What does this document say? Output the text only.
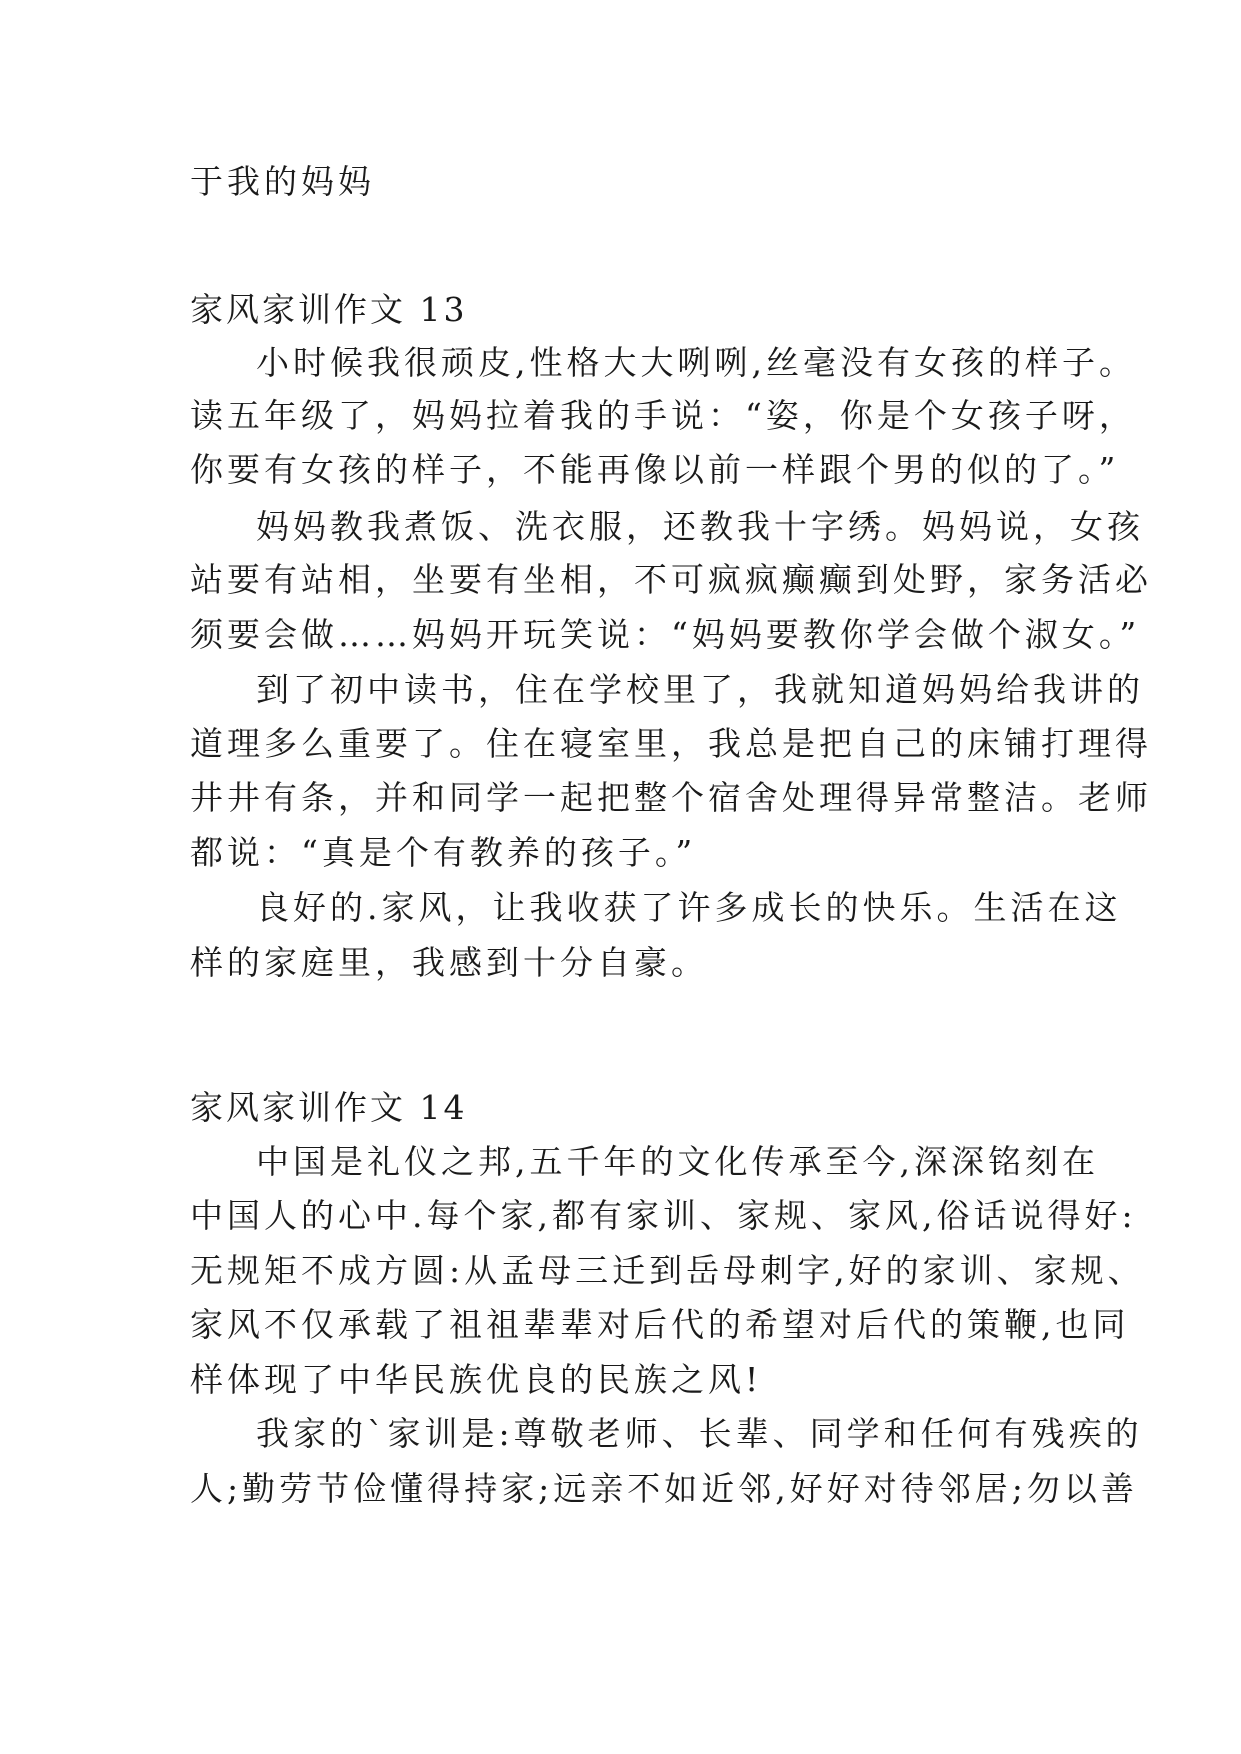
于我的妈妈
家风家训作文 13
小时候我很顽皮,性格大大咧咧,丝毫没有女孩的样子。
读五年级了，妈妈拉着我的手说：“姿，你是个女孩子呀，
你要有女孩的样子，不能再像以前一样跟个男的似的了。”
妈妈教我煮饭、洗衣服，还教我十字绣。妈妈说，女孩
站要有站相，坐要有坐相，不可疯疯癫癫到处野，家务活必
须要会做……妈妈开玩笑说：“妈妈要教你学会做个淑女。”
到了初中读书，住在学校里了，我就知道妈妈给我讲的
道理多么重要了。住在寝室里，我总是把自己的床铺打理得
井井有条，并和同学一起把整个宿舍处理得异常整洁。老师
都说：“真是个有教养的孩子。”
良好的.家风，让我收获了许多成长的快乐。生活在这
样的家庭里，我感到十分自豪。
家风家训作文 14
中国是礼仪之邦,五千年的文化传承至今,深深铭刻在
中国人的心中.每个家,都有家训、家规、家风,俗话说得好:
无规矩不成方圆:从孟母三迁到岳母刺字,好的家训、家规、
家风不仅承载了祖祖辈辈对后代的希望对后代的策鞭,也同
样体现了中华民族优良的民族之风!
我家的`家训是:尊敬老师、长辈、同学和任何有残疾的
人;勤劳节俭懂得持家;远亲不如近邻,好好对待邻居;勿以善
